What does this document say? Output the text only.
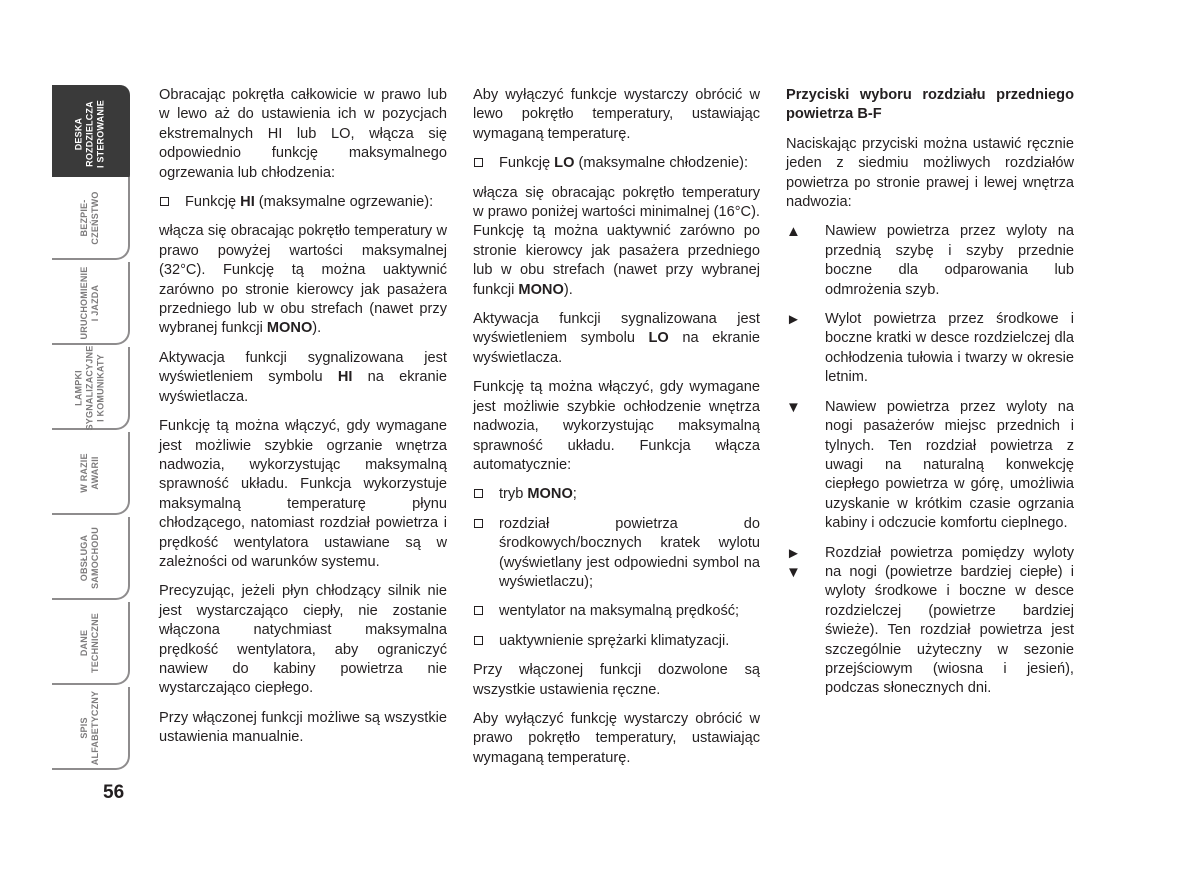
DESKA ROZDZIELCZA I STEROWANIE
BEZPIE- CZEŃSTWO
URUCHOMIENIE I JAZDA
LAMPKI SYGNALIZACYJNE I KOMUNIKATY
W RAZIE AWARII
OBSŁUGA SAMOCHODU
DANE TECHNICZNE
SPIS ALFABETYCZNY
56

Obracając pokrętła całkowicie w prawo lub w lewo aż do ustawienia ich w pozycjach ekstremalnych HI lub LO, włącza się odpowiednio funkcję maksymalnego ogrzewania lub chłodzenia:

Funkcję HI (maksymalne ogrzewanie):

włącza się obracając pokrętło temperatury w prawo powyżej wartości maksymalnej (32°C). Funkcję tą można uaktywnić zarówno po stronie kierowcy jak pasażera przedniego lub w obu strefach (nawet przy wybranej funkcji MONO).

Aktywacja funkcji sygnalizowana jest wyświetleniem symbolu HI na ekranie wyświetlacza.

Funkcję tą można włączyć, gdy wymagane jest możliwie szybkie ogrzanie wnętrza nadwozia, wykorzystując maksymalną sprawność układu. Funkcja wykorzystuje maksymalną temperaturę płynu chłodzącego, natomiast rozdział powietrza i prędkość wentylatora ustawiane są w zależności od warunków systemu.

Precyzując, jeżeli płyn chłodzący silnik nie jest wystarczająco ciepły, nie zostanie włączona natychmiast maksymalna prędkość wentylatora, aby ograniczyć nawiew do kabiny powietrza nie wystarczająco ciepłego.

Przy włączonej funkcji możliwe są wszystkie ustawienia manualnie.

Aby wyłączyć funkcje wystarczy obrócić w lewo pokrętło temperatury, ustawiając wymaganą temperaturę.

Funkcję LO (maksymalne chłodzenie):

włącza się obracając pokrętło temperatury w prawo poniżej wartości minimalnej (16°C). Funkcję tą można uaktywnić zarówno po stronie kierowcy jak pasażera przedniego lub w obu strefach (nawet przy wybranej funkcji MONO).

Aktywacja funkcji sygnalizowana jest wyświetleniem symbolu LO na ekranie wyświetlacza.

Funkcję tą można włączyć, gdy wymagane jest możliwie szybkie ochłodzenie wnętrza nadwozia, wykorzystując maksymalną sprawność układu. Funkcja włącza automatycznie:

tryb MONO;
rozdział powietrza do środkowych/bocznych kratek wylotu (wyświetlany jest odpowiedni symbol na wyświetlaczu);
wentylator na maksymalną prędkość;
uaktywnienie sprężarki klimatyzacji.

Przy włączonej funkcji dozwolone są wszystkie ustawienia ręczne.

Aby wyłączyć funkcję wystarczy obrócić w prawo pokrętło temperatury, ustawiając wymaganą temperaturę.

Przyciski wyboru rozdziału przedniego powietrza B-F

Naciskając przyciski można ustawić ręcznie jeden z siedmiu możliwych rozdziałów powietrza po stronie prawej i lewej wnętrza nadwozia:

▲ Nawiew powietrza przez wyloty na przednią szybę i szyby przednie boczne dla odparowania lub odmrożenia szyb.
► Wylot powietrza przez środkowe i boczne kratki w desce rozdzielczej dla ochłodzenia tułowia i twarzy w okresie letnim.
▼ Nawiew powietrza przez wyloty na nogi pasażerów miejsc przednich i tylnych. Ten rozdział powietrza z uwagi na naturalną konwekcję ciepłego powietrza w górę, umożliwia uzyskanie w krótkim czasie ogrzania kabiny i odczucie komfortu cieplnego.
►
▼
Rozdział powietrza pomiędzy wyloty na nogi (powietrze bardziej ciepłe) i wyloty środkowe i boczne w desce rozdzielczej (powietrze bardziej świeże). Ten rozdział powietrza jest szczególnie użyteczny w sezonie przejściowym (wiosna i jesień), podczas słonecznych dni.
